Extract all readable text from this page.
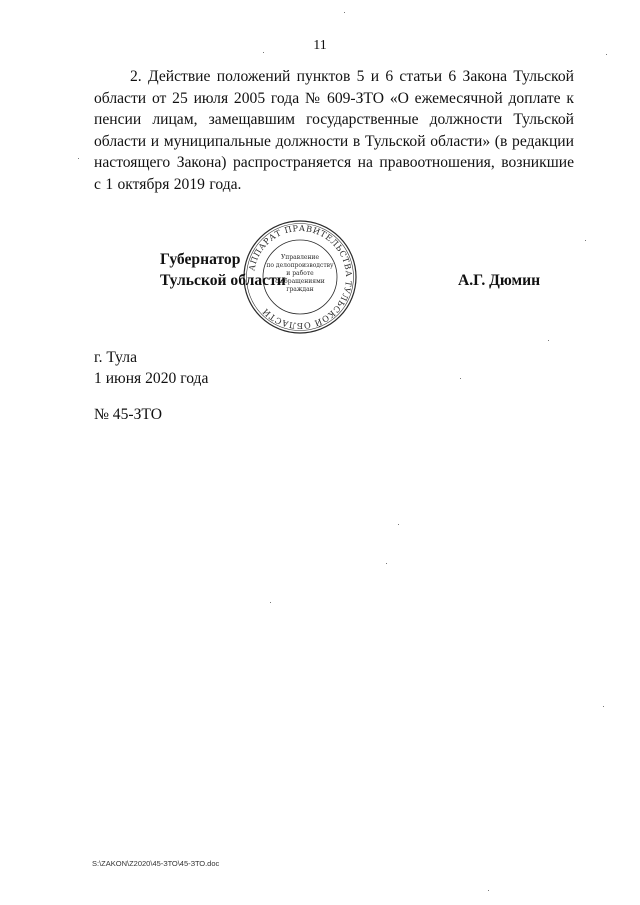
11
2. Действие положений пунктов 5 и 6 статьи 6 Закона Тульской области от 25 июля 2005 года № 609-ЗТО «О ежемесячной доплате к пенсии лицам, замещавшим государственные должности Тульской области и муниципальные должности в Тульской области» (в редакции настоящего Закона) распространяется на правоотношения, возникшие с 1 октября 2019 года.
АППАРАТ ПРАВИТЕЛЬСТВА ТУЛЬСКОЙ ОБЛАСТИ
Управление
по делопроизводству
и работе
с обращениями
граждан
Губернатор
Тульской области	А.Г. Дюмин
г. Тула
1 июня 2020 года
№ 45-ЗТО
S:\ZAKON\Z2020\45-ЗТО\45-ЗТО.doc
